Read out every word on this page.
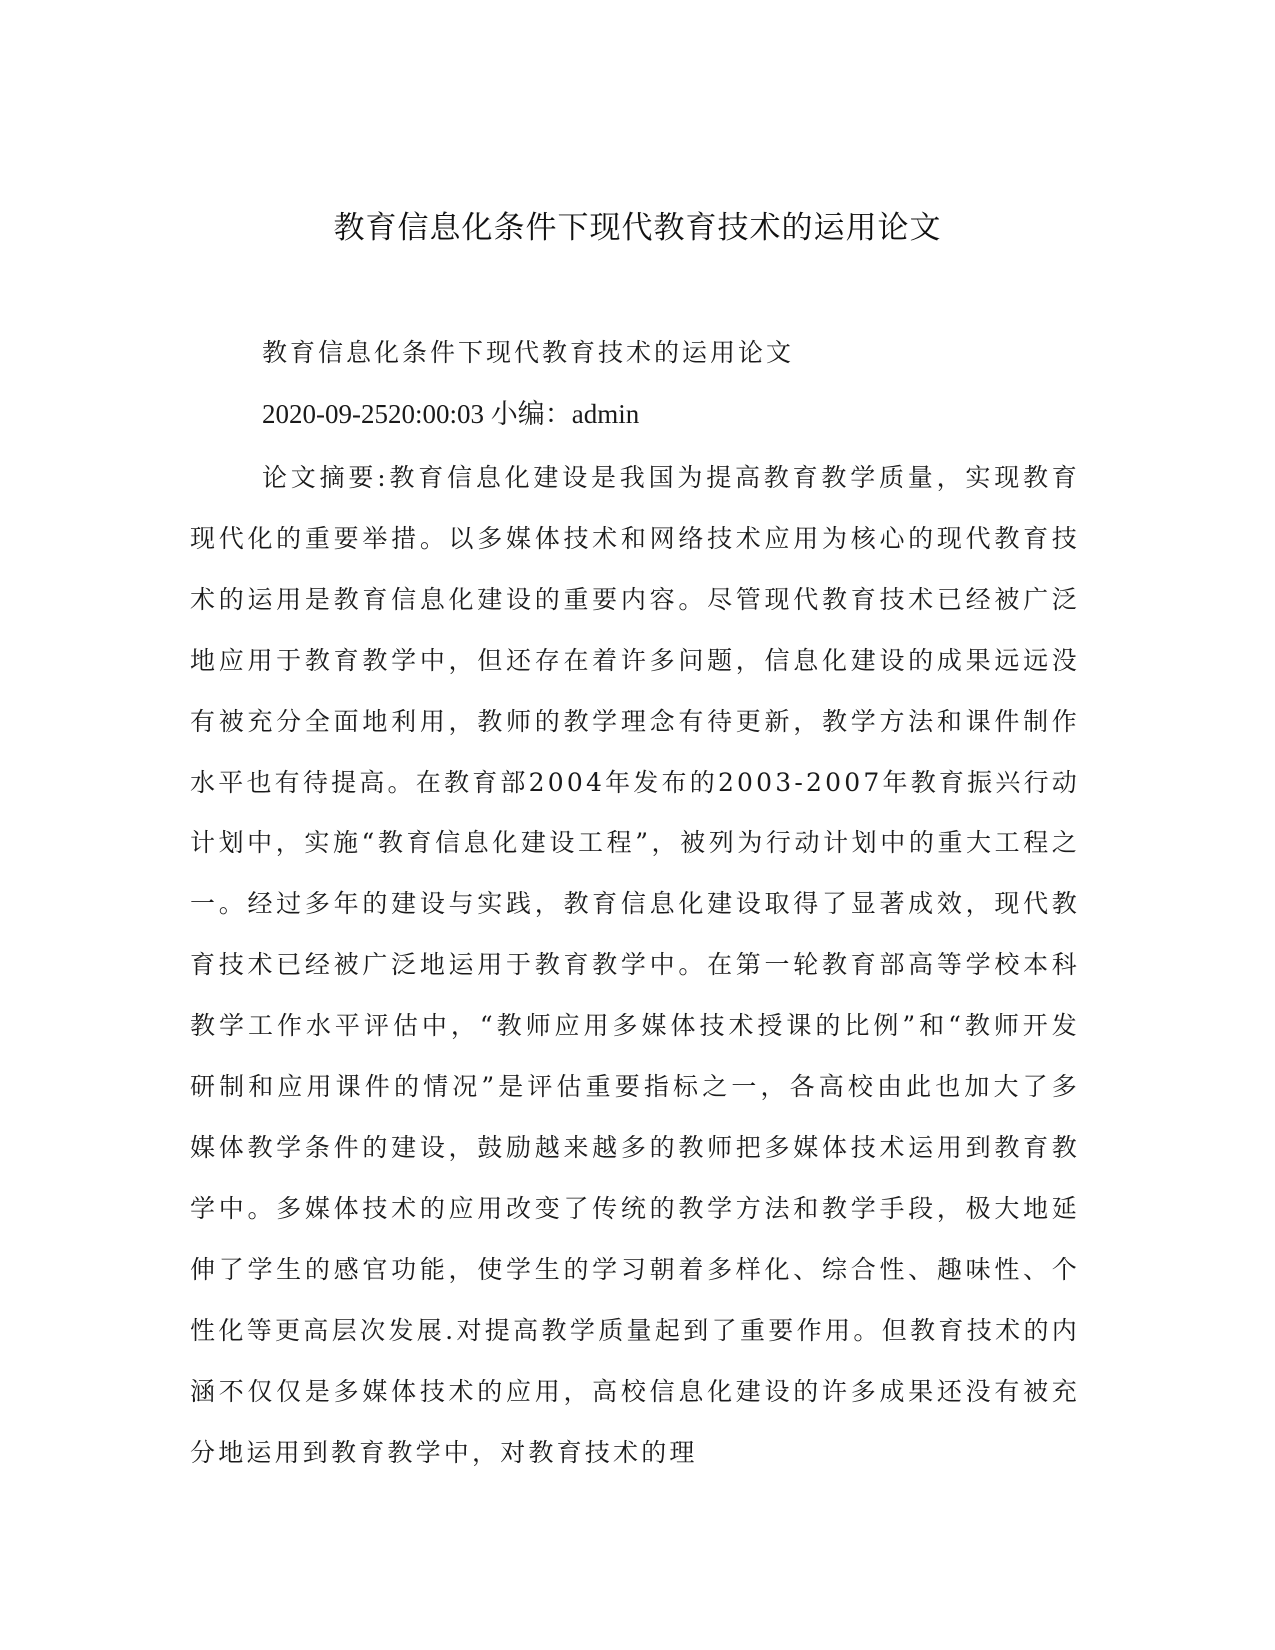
教育信息化条件下现代教育技术的运用论文

教育信息化条件下现代教育技术的运用论文

2020-09-2520:00:03 小编：admin

论文摘要:教育信息化建设是我国为提高教育教学质量，实现教育现代化的重要举措。以多媒体技术和网络技术应用为核心的现代教育技术的运用是教育信息化建设的重要内容。尽管现代教育技术已经被广泛地应用于教育教学中，但还存在着许多问题，信息化建设的成果远远没有被充分全面地利用，教师的教学理念有待更新，教学方法和课件制作水平也有待提高。在教育部2004年发布的2003-2007年教育振兴行动计划中，实施“教育信息化建设工程”，被列为行动计划中的重大工程之一。经过多年的建设与实践，教育信息化建设取得了显著成效，现代教育技术已经被广泛地运用于教育教学中。在第一轮教育部高等学校本科教学工作水平评估中，“教师应用多媒体技术授课的比例”和“教师开发研制和应用课件的情况”是评估重要指标之一，各高校由此也加大了多媒体教学条件的建设，鼓励越来越多的教师把多媒体技术运用到教育教学中。多媒体技术的应用改变了传统的教学方法和教学手段，极大地延伸了学生的感官功能，使学生的学习朝着多样化、综合性、趣味性、个性化等更高层次发展.对提高教学质量起到了重要作用。但教育技术的内涵不仅仅是多媒体技术的应用，高校信息化建设的许多成果还没有被充分地运用到教育教学中，对教育技术的理
